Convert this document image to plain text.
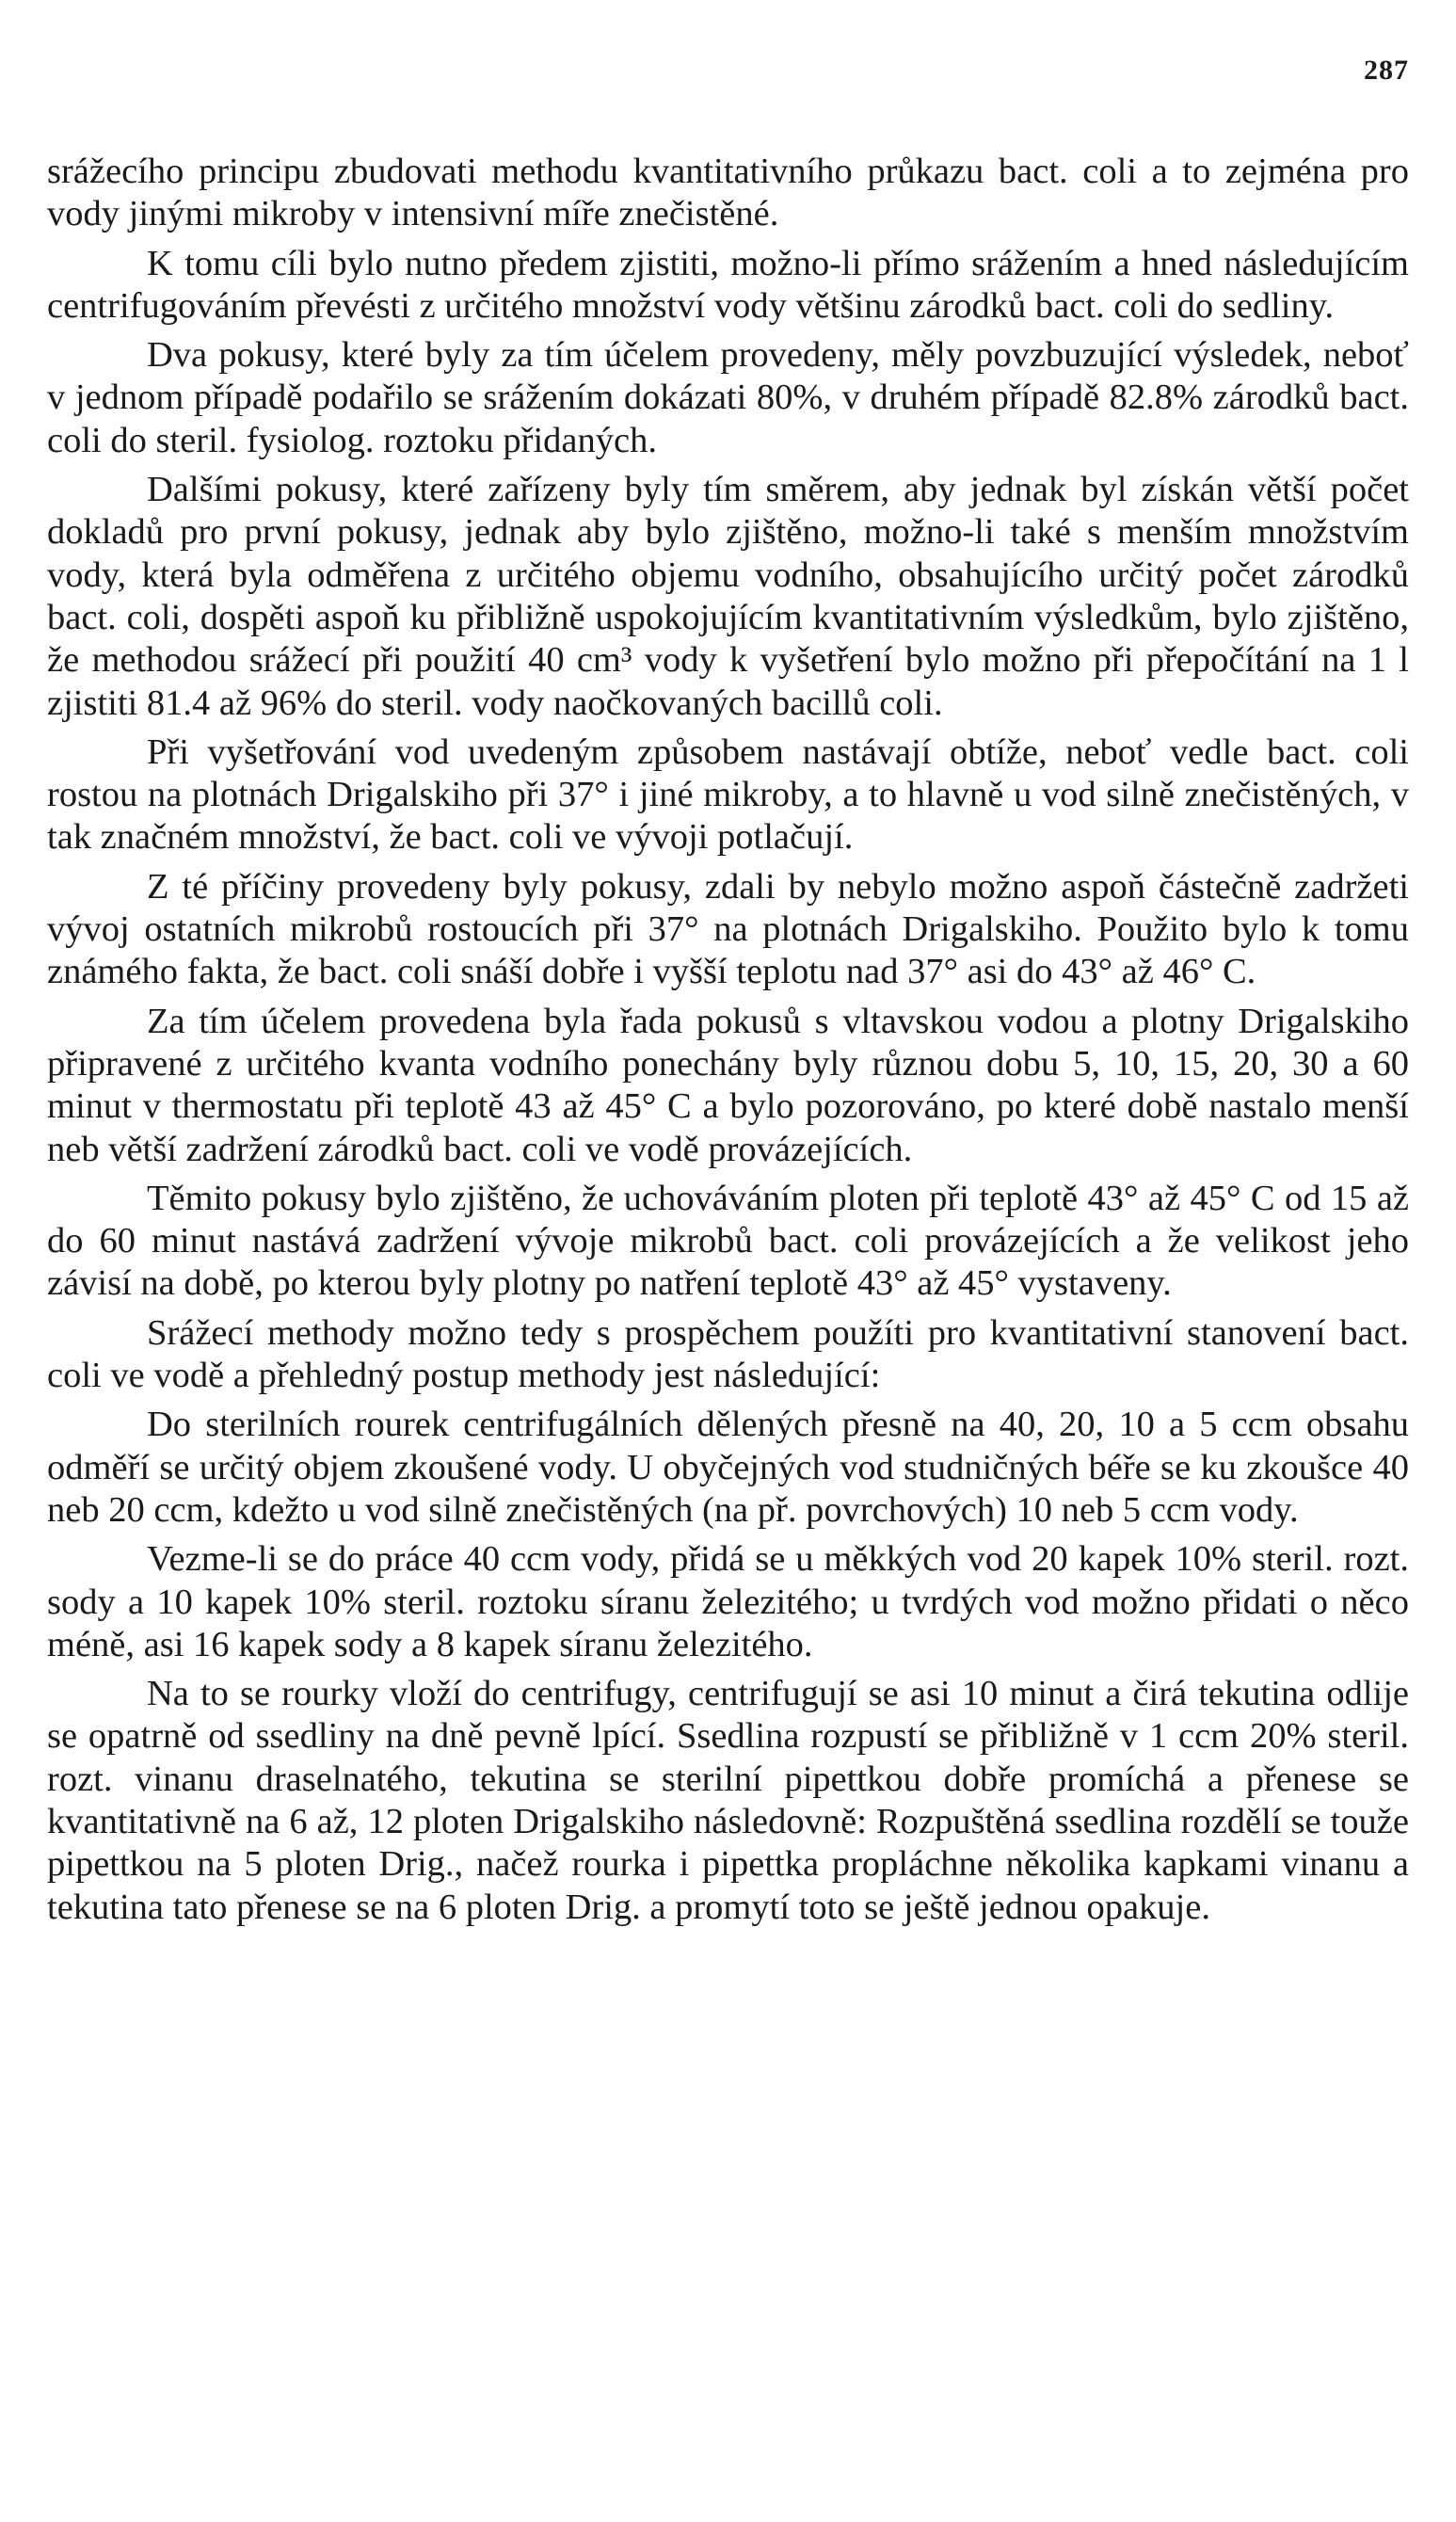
287

srážecího principu zbudovati methodu kvantitativního průkazu bact. coli a to zejména pro vody jinými mikroby v intensivní míře znečistěné.

K tomu cíli bylo nutno předem zjistiti, možno-li přímo srážením a hned následujícím centrifugováním převésti z určitého množství vody většinu zárodků bact. coli do sedliny.

Dva pokusy, které byly za tím účelem provedeny, měly povzbuzující výsledek, neboť v jednom případě podařilo se srážením dokázati 80%, v druhém případě 82.8% zárodků bact. coli do steril. fysiolog. roztoku přidaných.

Dalšími pokusy, které zařízeny byly tím směrem, aby jednak byl získán větší počet dokladů pro první pokusy, jednak aby bylo zjištěno, možno-li také s menším množstvím vody, která byla odměřena z určitého objemu vodního, obsahujícího určitý počet zárodků bact. coli, dospěti aspoň ku přibližně uspokojujícím kvantitativním výsledkům, bylo zjištěno, že methodou srážecí při použití 40 cm³ vody k vyšetření bylo možno při přepočítání na 1 l zjistiti 81.4 až 96% do steril. vody naočkovaných bacillů coli.

Při vyšetřování vod uvedeným způsobem nastávají obtíže, neboť vedle bact. coli rostou na plotnách Drigalskiho při 37° i jiné mikroby, a to hlavně u vod silně znečistěných, v tak značném množství, že bact. coli ve vývoji potlačují.

Z té příčiny provedeny byly pokusy, zdali by nebylo možno aspoň částečně zadržeti vývoj ostatních mikrobů rostoucích při 37° na plotnách Drigalskiho. Použito bylo k tomu známého fakta, že bact. coli snáší dobře i vyšší teplotu nad 37° asi do 43° až 46° C.

Za tím účelem provedena byla řada pokusů s vltavskou vodou a plotny Drigalskiho připravené z určitého kvanta vodního ponechány byly různou dobu 5, 10, 15, 20, 30 a 60 minut v thermostatu při teplotě 43 až 45° C a bylo pozorováno, po které době nastalo menší neb větší zadržení zárodků bact. coli ve vodě provázejících.

Těmito pokusy bylo zjištěno, že uchováváním ploten při teplotě 43° až 45° C od 15 až do 60 minut nastává zadržení vývoje mikrobů bact. coli provázejících a že velikost jeho závisí na době, po kterou byly plotny po natření teplotě 43° až 45° vystaveny.

Srážecí methody možno tedy s prospěchem použíti pro kvantitativní stanovení bact. coli ve vodě a přehledný postup methody jest následující:

Do sterilních rourek centrifugálních dělených přesně na 40, 20, 10 a 5 ccm obsahu odměří se určitý objem zkoušené vody. U obyčejných vod studničných béře se ku zkoušce 40 neb 20 ccm, kdežto u vod silně znečistěných (na př. povrchových) 10 neb 5 ccm vody.

Vezme-li se do práce 40 ccm vody, přidá se u měkkých vod 20 kapek 10% steril. rozt. sody a 10 kapek 10% steril. roztoku síranu železitého; u tvrdých vod možno přidati o něco méně, asi 16 kapek sody a 8 kapek síranu železitého.

Na to se rourky vloží do centrifugy, centrifugují se asi 10 minut a čirá tekutina odlije se opatrně od ssedliny na dně pevně lpící. Ssedlina rozpustí se přibližně v 1 ccm 20% steril. rozt. vinanu draselnatého, tekutina se sterilní pipettkou dobře promíchá a přenese se kvantitativně na 6 až, 12 ploten Drigalskiho následovně: Rozpuštěná ssedlina rozdělí se touže pipettkou na 5 ploten Drig., načež rourka i pipettka propláchne několika kapkami vinanu a tekutina tato přenese se na 6 ploten Drig. a promytí toto se ještě jednou opakuje.
